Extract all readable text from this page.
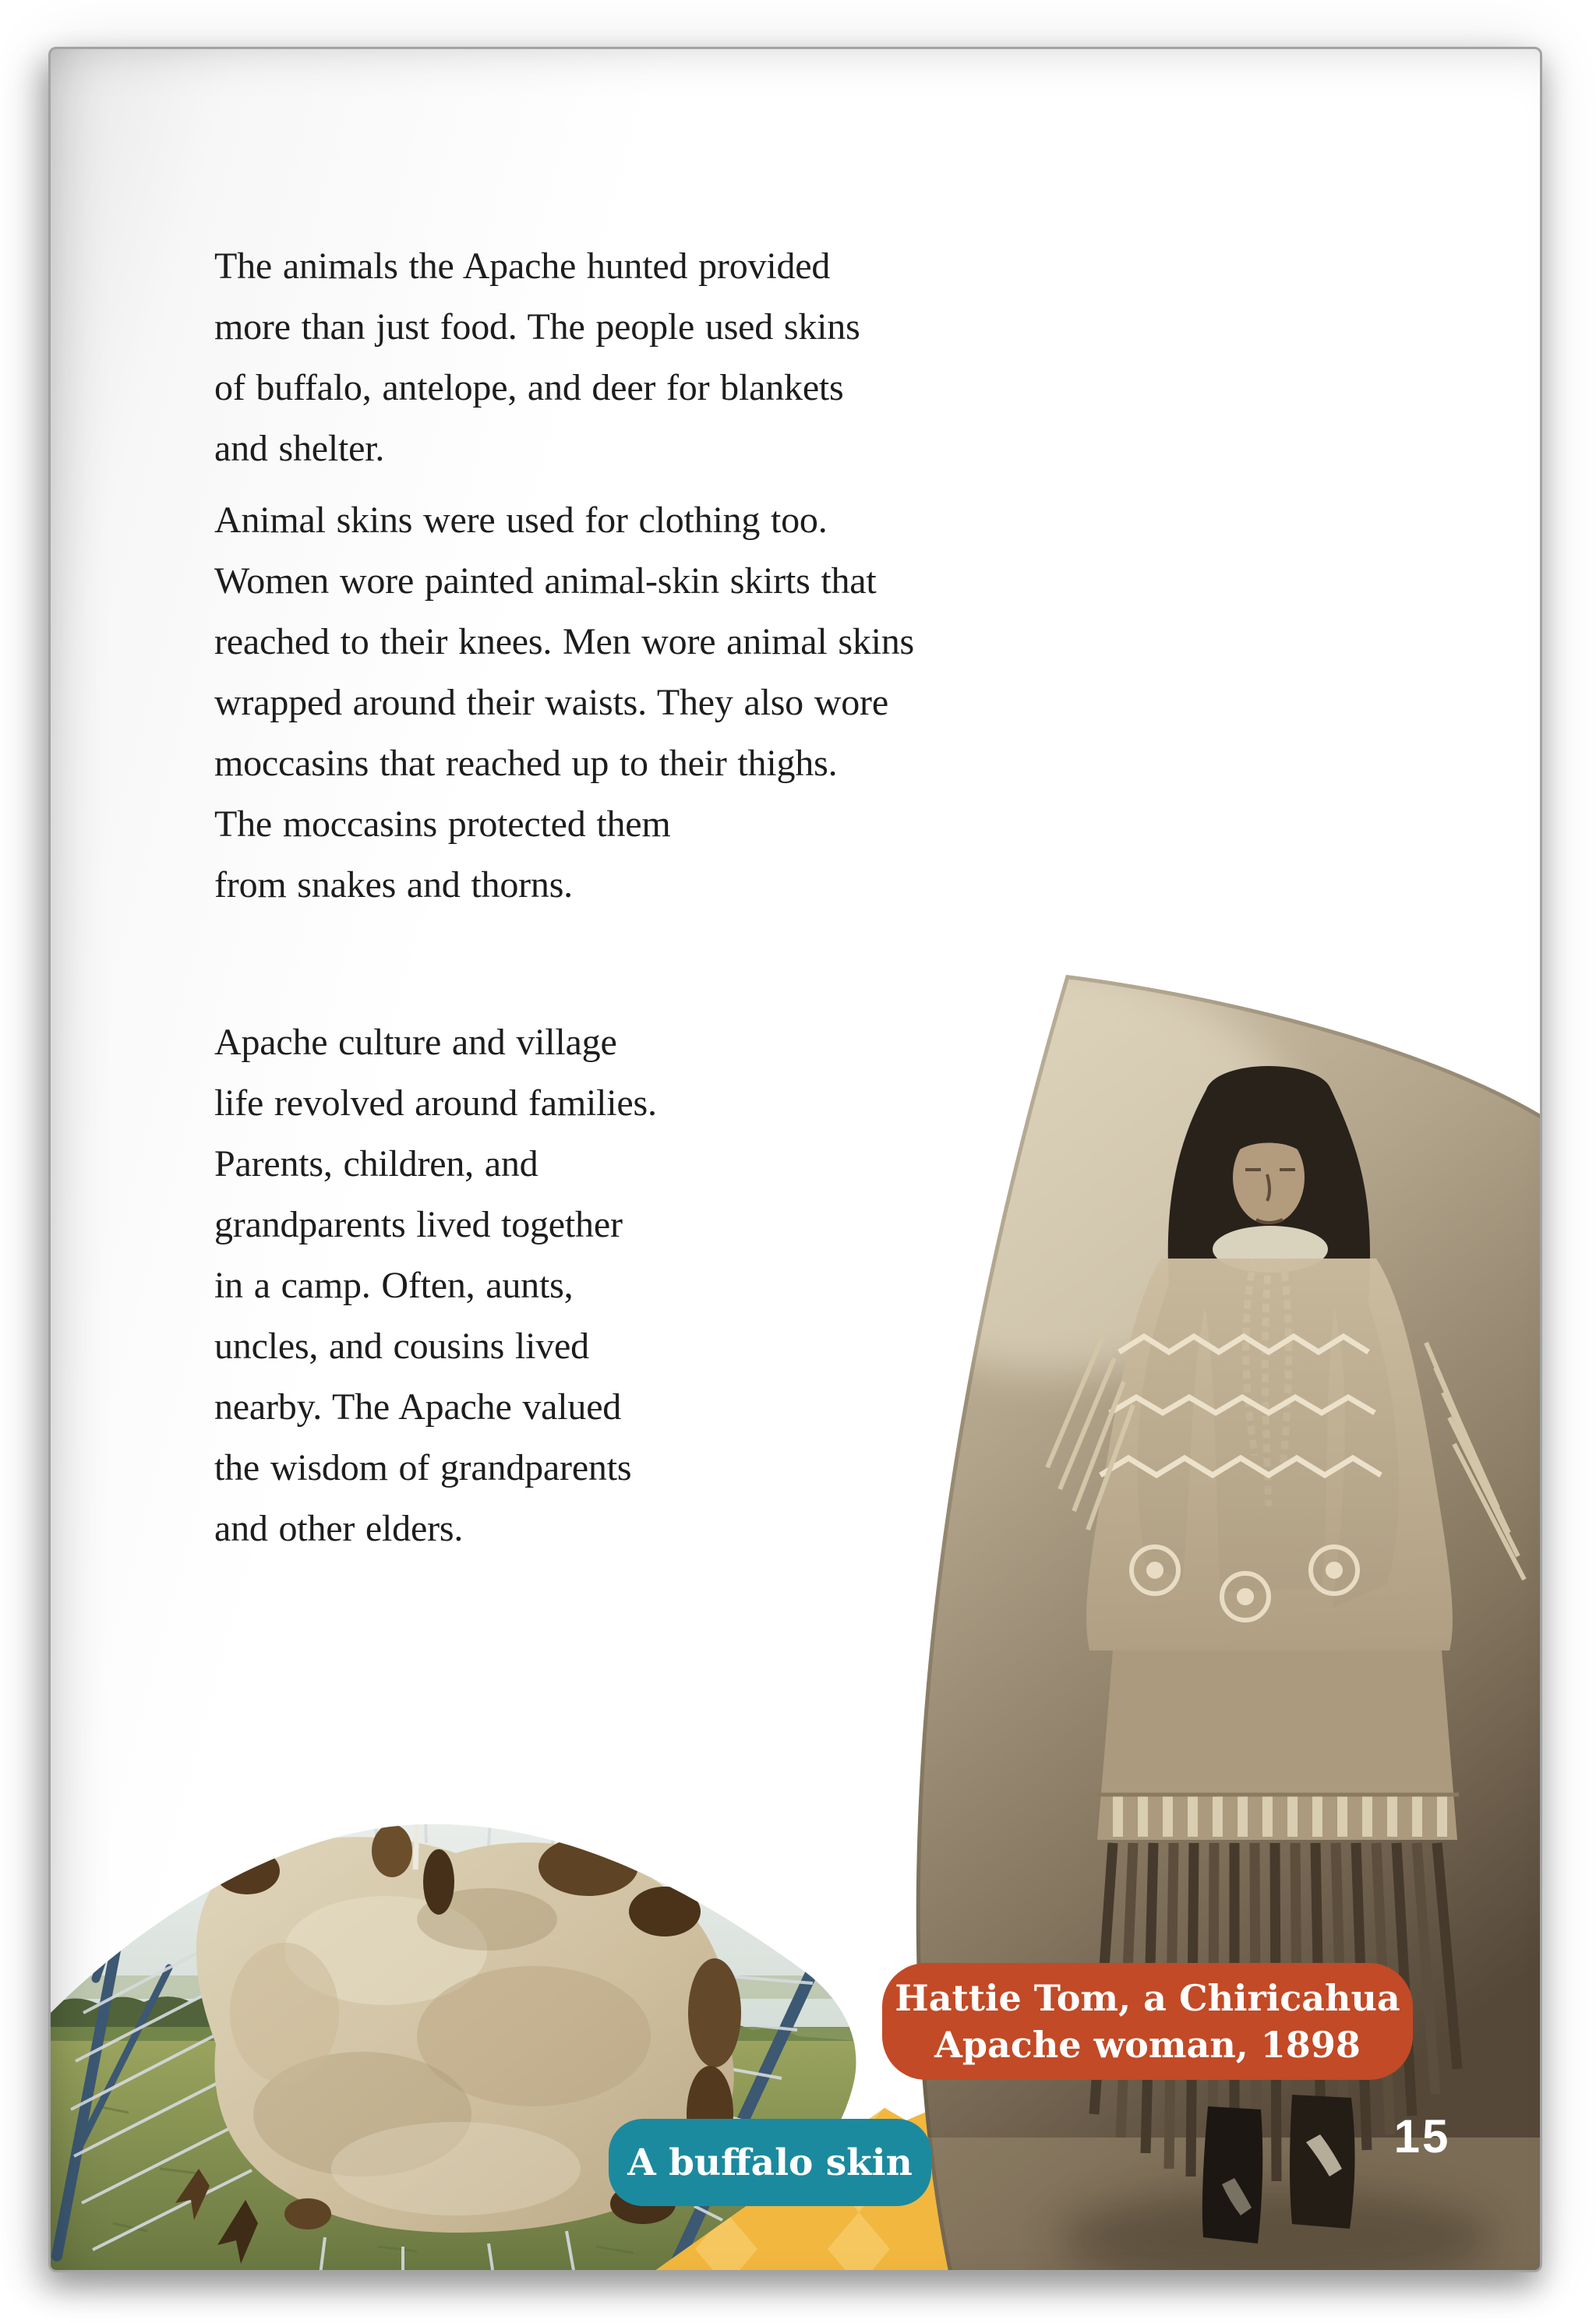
The animals the Apache hunted provided
more than just food. The people used skins
of buffalo, antelope, and deer for blankets
and shelter.
Animal skins were used for clothing too.
Women wore painted animal-skin skirts that
reached to their knees. Men wore animal skins
wrapped around their waists. They also wore
moccasins that reached up to their thighs.
The moccasins protected them
from snakes and thorns.
Apache culture and village
life revolved around families.
Parents, children, and
grandparents lived together
in a camp. Often, aunts,
uncles, and cousins lived
nearby. The Apache valued
the wisdom of grandparents
and other elders.
Hattie Tom, a Chiricahua
Apache woman, 1898
A buffalo skin	15
